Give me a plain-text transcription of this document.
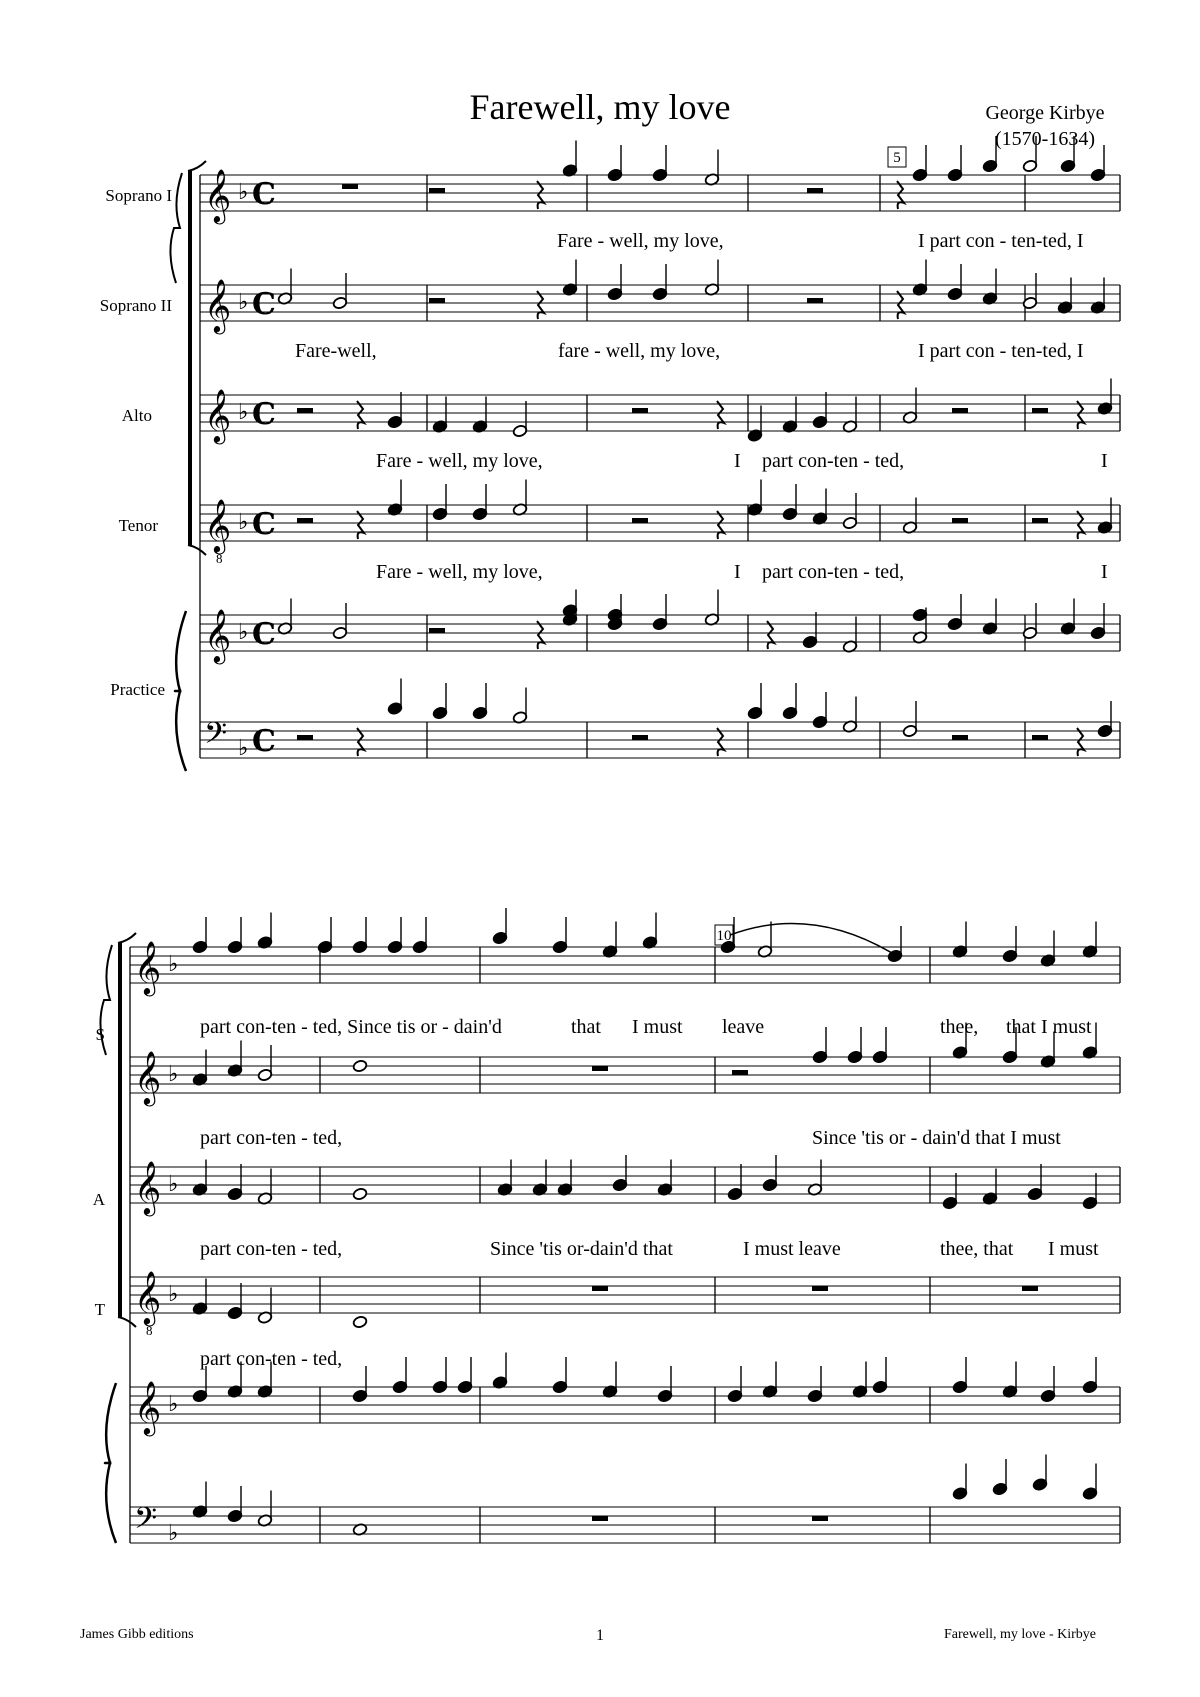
Farewell, my love	George Kirbye
(1570-1634)
Soprano I
Soprano II
Alto
Tenor
Practice
S
A
T
Fare - well, my love,	I part con - ten-ted, I
Fare-well,	fare - well, my love,	I part con - ten-ted, I
Fare - well, my love,	I part con-ten - ted,	I
Fare - well, my love,	I part con-ten - ted,	I
part con-ten - ted, Since tis or - dain'd	that I must leave	thee, that I must
part con-ten - ted,	Since 'tis or - dain'd that I must
part con-ten - ted,	Since 'tis or-dain'd that	I must leave	thee, that I must
part con-ten - ted,
James Gibb editions	1	Farewell, my love - Kirbye
𝄞 ♭ C
𝄞 ♭ C
𝄞 ♭ C
𝄞
8
♭ C
𝄞 ♭ C
𝄢 ♭ C
𝄞 ♭
𝄞 ♭
𝄞 ♭
𝄞
8
♭
𝄞 ♭
𝄢 ♭
5
10
